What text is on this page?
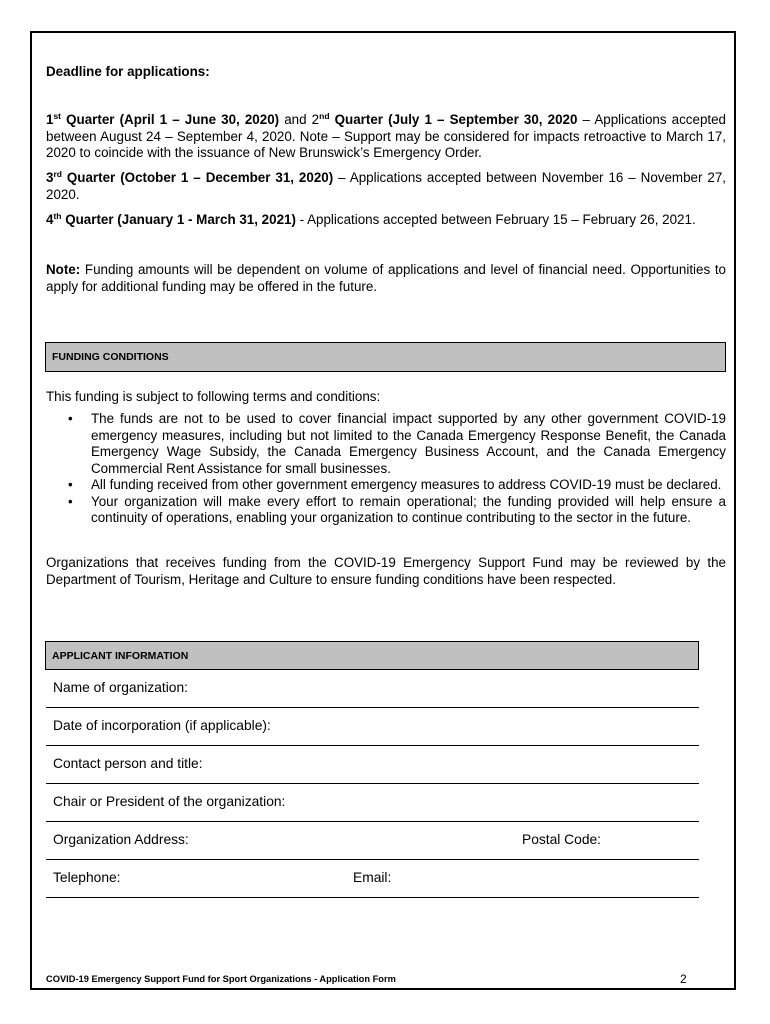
Deadline for applications:
1st Quarter (April 1 – June 30, 2020) and 2nd Quarter (July 1 – September 30, 2020 – Applications accepted between August 24 – September 4, 2020. Note – Support may be considered for impacts retroactive to March 17, 2020 to coincide with the issuance of New Brunswick’s Emergency Order.
3rd Quarter (October 1 – December 31, 2020) – Applications accepted between November 16 – November 27, 2020.
4th Quarter (January 1 - March 31, 2021) - Applications accepted between February 15 – February 26, 2021.
Note: Funding amounts will be dependent on volume of applications and level of financial need. Opportunities to apply for additional funding may be offered in the future.
FUNDING CONDITIONS
This funding is subject to following terms and conditions:
• The funds are not to be used to cover financial impact supported by any other government COVID-19 emergency measures, including but not limited to the Canada Emergency Response Benefit, the Canada Emergency Wage Subsidy, the Canada Emergency Business Account, and the Canada Emergency Commercial Rent Assistance for small businesses.
• All funding received from other government emergency measures to address COVID-19 must be declared.
• Your organization will make every effort to remain operational; the funding provided will help ensure a continuity of operations, enabling your organization to continue contributing to the sector in the future.
Organizations that receives funding from the COVID-19 Emergency Support Fund may be reviewed by the Department of Tourism, Heritage and Culture to ensure funding conditions have been respected.
APPLICANT INFORMATION
Name of organization:
Date of incorporation (if applicable):
Contact person and title:
Chair or President of the organization:
Organization Address:	Postal Code:
Telephone:	Email:
COVID-19 Emergency Support Fund for Sport Organizations - Application Form	2
